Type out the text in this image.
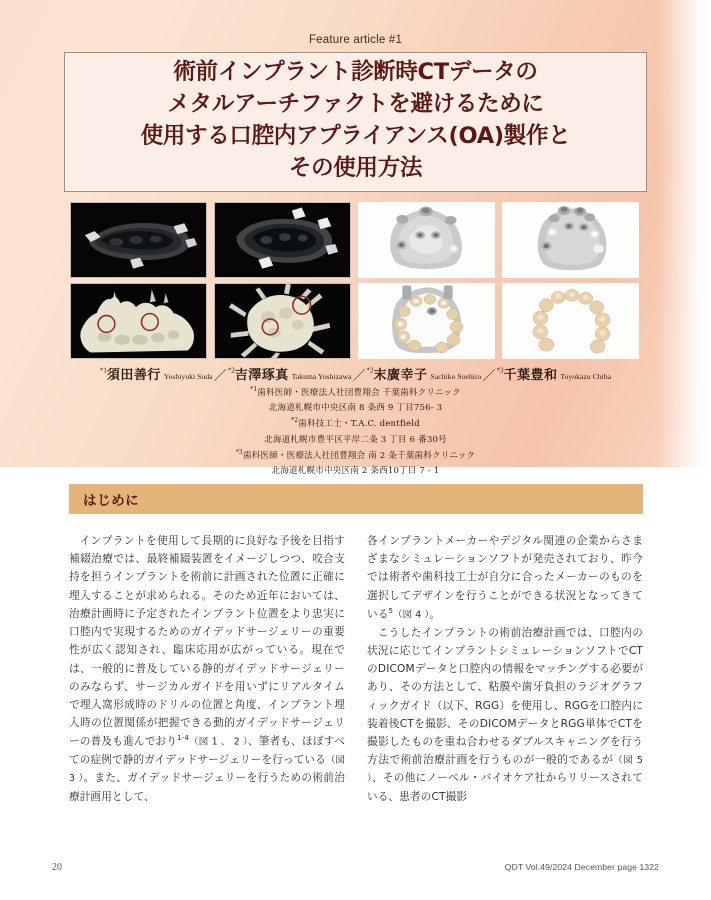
Feature article #1
術前インプラント診断時CTデータの
メタルアーチファクトを避けるために
使用する口腔内アプライアンス(OA)製作と
その使用方法
$^{*1}$須田善行 Yoshiyuki Suda／$^{*2}$吉澤琢真 Takuma Yoshizawa／$^{*2}$末廣幸子 Sachiko Suehiro／$^{*3}$千葉豊和 Toyokazu Chiba
$^{*1}$歯科医師・医療法人社団豊翔会 千葉歯科クリニック
北海道札幌市中央区南 8 条西 9 丁目756- 3
$^{*2}$歯科技工士・T.A.C. dentfield
北海道札幌市豊平区平岸二条 3 丁目 6 番30号
$^{*3}$歯科医師・医療法人社団豊翔会 南 2 条千葉歯科クリニック
北海道札幌市中央区南 2 条西10丁目 7 - 1
はじめに

インプラントを使用して長期的に良好な予後を目指す補綴治療では、最終補綴装置をイメージしつつ、咬合支持を担うインプラントを術前に計画された位置に正確に埋入することが求められる。そのため近年においては、治療計画時に予定されたインプラント位置をより忠実に口腔内で実現するためのガイデッドサージェリーの重要性が広く認知され、臨床応用が広がっている。現在では、一般的に普及している静的ガイデッドサージェリーのみならず、サージカルガイドを用いずにリアルタイムで埋入窩形成時のドリルの位置と角度、インプラント埋入時の位置関係が把握できる動的ガイデッドサージェリーの普及も進んでおり$^{1-4}$（図 1 、 2 ）、筆者も、ほぼすべての症例で静的ガイデッドサージェリーを行っている（図 3 ）。また、ガイデッドサージェリーを行うための術前治療計画用として、

各インプラントメーカーやデジタル関連の企業からさまざまなシミュレーションソフトが発売されており、昨今では術者や歯科技工士が自分に合ったメーカーのものを選択してデザインを行うことができる状況となってきている$^5$（図 4 ）。

こうしたインプラントの術前治療計画では、口腔内の状況に応じてインプラントシミュレーションソフトでCTのDICOMデータと口腔内の情報をマッチングする必要があり、その方法として、粘膜や歯牙負担のラジオグラフィックガイド（以下、RGG）を使用し、RGGを口腔内に装着後CTを撮影、そのDICOMデータとRGG単体でCTを撮影したものを重ね合わせるダブルスキャニングを行う方法で術前治療計画を行うものが一般的であるが（図 5 ）、その他にノーベル・バイオケア社からリリースされている、患者のCT撮影

20	QDT Vol.49/2024 December page 1322
